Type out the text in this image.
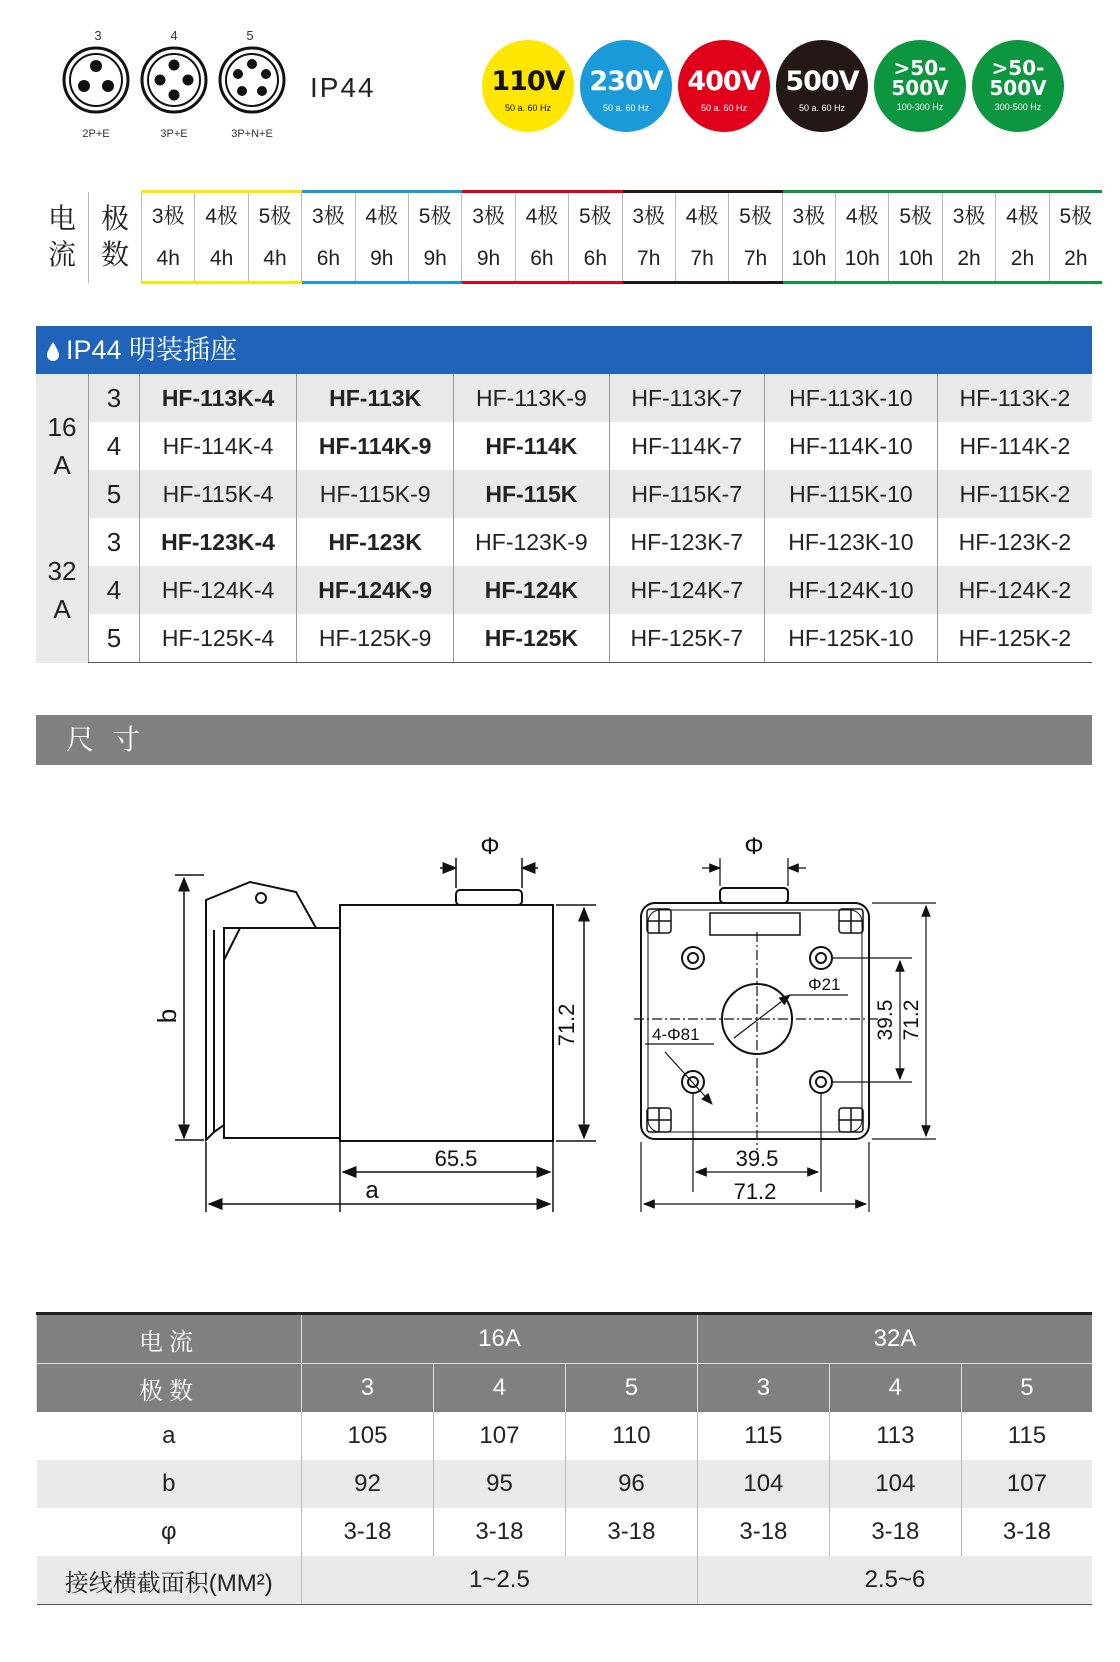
3	4	5
2P+E	3P+E	3P+N+E
IP44	110V
50 a. 60 Hz
230V
50 a. 60 Hz
400V
50 a. 60 Hz
500V
50 a. 60 Hz
>50-
500V
100-300 Hz
>50-
500V
300-500 Hz
电
流	极
数	3极	4极	5极	3极	4极	5极	3极	4极	5极	3极	4极	5极	3极	4极	5极	3极	4极	5极
		4h	4h	4h	6h	9h	9h	9h	6h	6h	7h	7h	7h	10h	10h	10h	2h	2h	2h
IP44 明装插座
16
A	3	HF-113K-4	HF-113K	HF-113K-9	HF-113K-7	HF-113K-10	HF-113K-2
	4	HF-114K-4	HF-114K-9	HF-114K	HF-114K-7	HF-114K-10	HF-114K-2
	5	HF-115K-4	HF-115K-9	HF-115K	HF-115K-7	HF-115K-10	HF-115K-2
32
A	3	HF-123K-4	HF-123K	HF-123K-9	HF-123K-7	HF-123K-10	HF-123K-2
	4	HF-124K-4	HF-124K-9	HF-124K	HF-124K-7	HF-124K-10	HF-124K-2
	5	HF-125K-4	HF-125K-9	HF-125K	HF-125K-7	HF-125K-10	HF-125K-2
尺寸
Φ
b	71.2
65.5
a
Φ
Φ21
4-Φ81	39.5 71.2
39.5
71.2
电流	16A			32A		
极数	3	4	5	3	4	5
a	105	107	110	115	113	115
b	92	95	96	104	104	107
φ	3-18	3-18	3-18	3-18	3-18	3-18
接线横截面积(MM²)	1~2.5			2.5~6		
